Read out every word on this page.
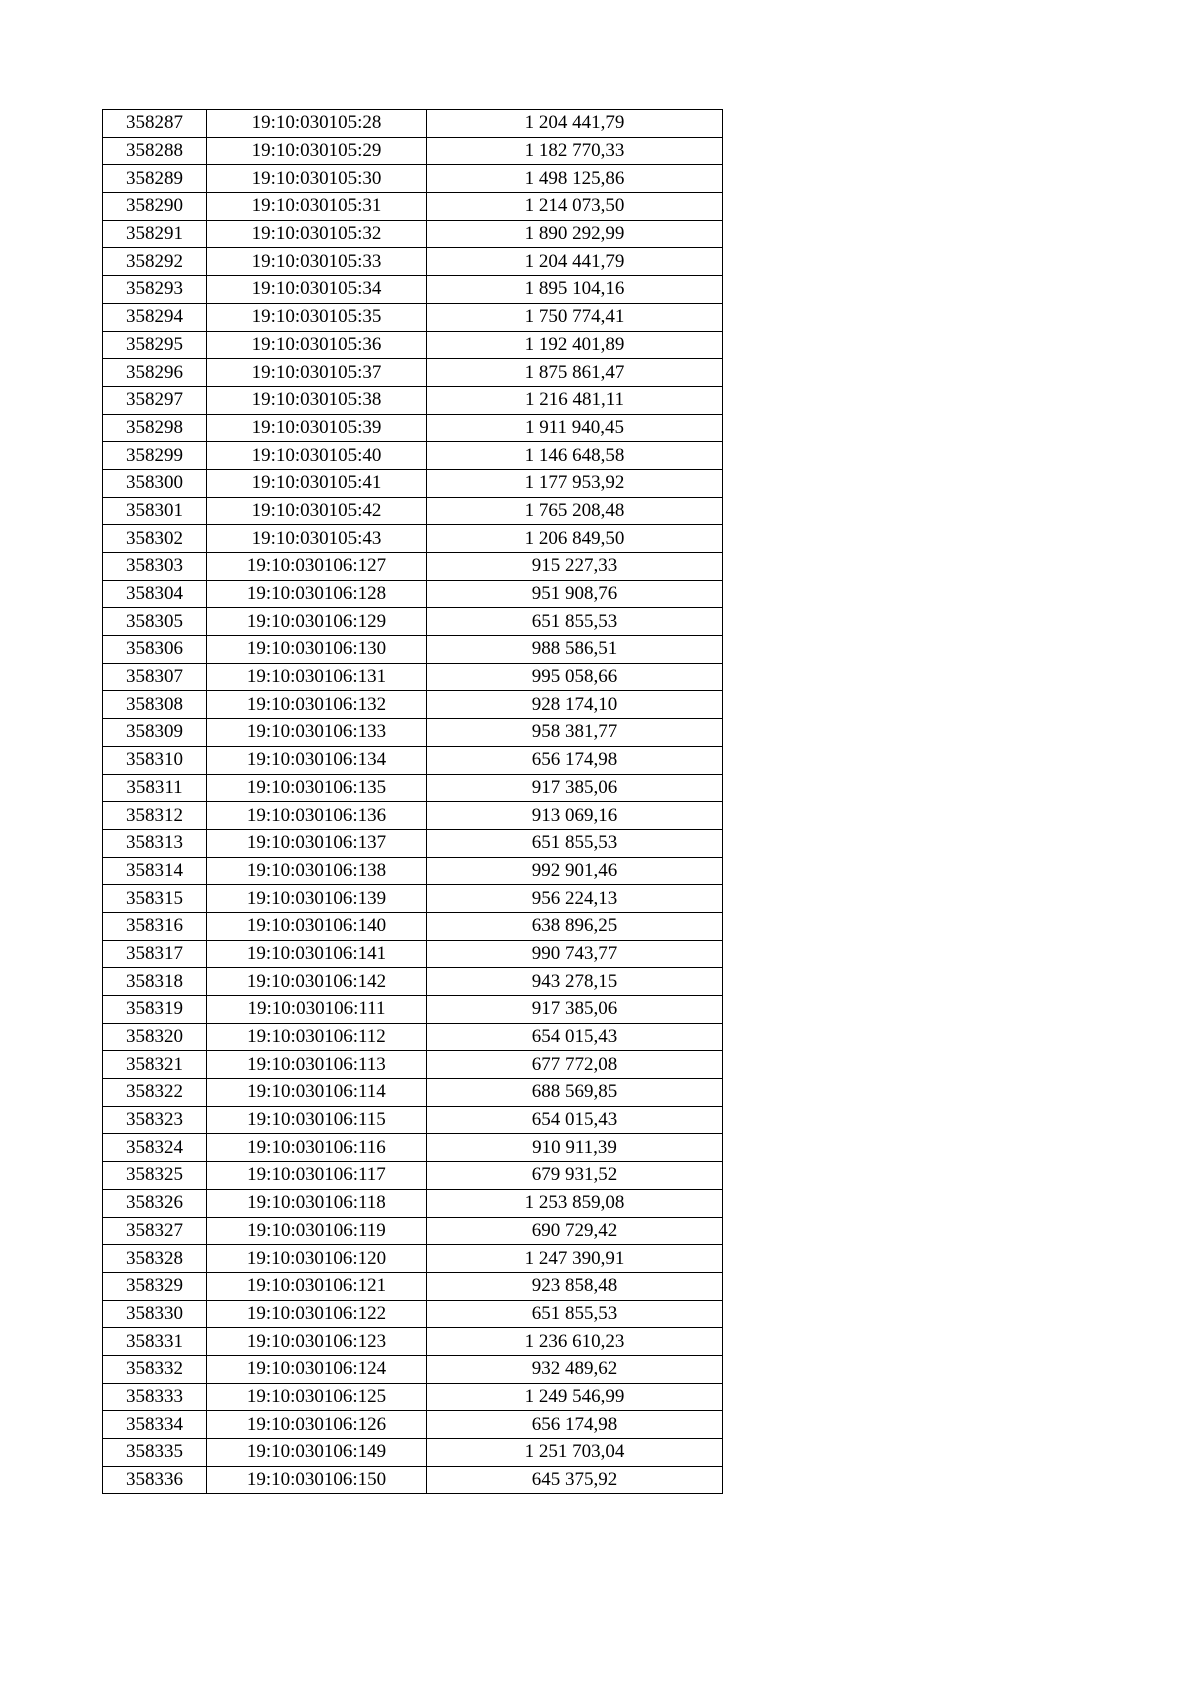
358287	19:10:030105:28	1 204 441,79
358288	19:10:030105:29	1 182 770,33
358289	19:10:030105:30	1 498 125,86
358290	19:10:030105:31	1 214 073,50
358291	19:10:030105:32	1 890 292,99
358292	19:10:030105:33	1 204 441,79
358293	19:10:030105:34	1 895 104,16
358294	19:10:030105:35	1 750 774,41
358295	19:10:030105:36	1 192 401,89
358296	19:10:030105:37	1 875 861,47
358297	19:10:030105:38	1 216 481,11
358298	19:10:030105:39	1 911 940,45
358299	19:10:030105:40	1 146 648,58
358300	19:10:030105:41	1 177 953,92
358301	19:10:030105:42	1 765 208,48
358302	19:10:030105:43	1 206 849,50
358303	19:10:030106:127	915 227,33
358304	19:10:030106:128	951 908,76
358305	19:10:030106:129	651 855,53
358306	19:10:030106:130	988 586,51
358307	19:10:030106:131	995 058,66
358308	19:10:030106:132	928 174,10
358309	19:10:030106:133	958 381,77
358310	19:10:030106:134	656 174,98
358311	19:10:030106:135	917 385,06
358312	19:10:030106:136	913 069,16
358313	19:10:030106:137	651 855,53
358314	19:10:030106:138	992 901,46
358315	19:10:030106:139	956 224,13
358316	19:10:030106:140	638 896,25
358317	19:10:030106:141	990 743,77
358318	19:10:030106:142	943 278,15
358319	19:10:030106:111	917 385,06
358320	19:10:030106:112	654 015,43
358321	19:10:030106:113	677 772,08
358322	19:10:030106:114	688 569,85
358323	19:10:030106:115	654 015,43
358324	19:10:030106:116	910 911,39
358325	19:10:030106:117	679 931,52
358326	19:10:030106:118	1 253 859,08
358327	19:10:030106:119	690 729,42
358328	19:10:030106:120	1 247 390,91
358329	19:10:030106:121	923 858,48
358330	19:10:030106:122	651 855,53
358331	19:10:030106:123	1 236 610,23
358332	19:10:030106:124	932 489,62
358333	19:10:030106:125	1 249 546,99
358334	19:10:030106:126	656 174,98
358335	19:10:030106:149	1 251 703,04
358336	19:10:030106:150	645 375,92
